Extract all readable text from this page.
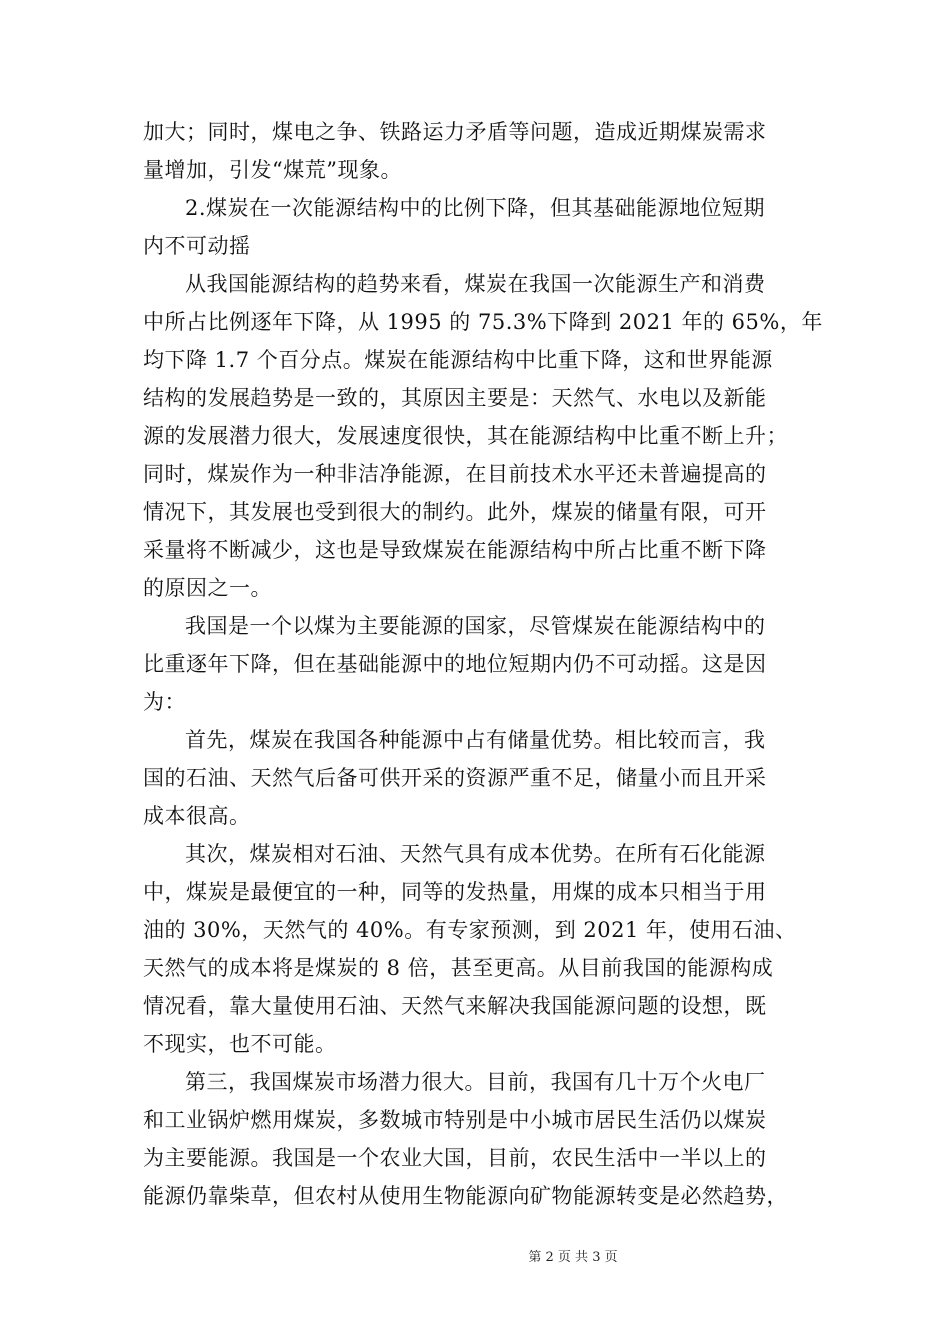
加大；同时，煤电之争、铁路运力矛盾等问题，造成近期煤炭需求
量增加，引发“煤荒”现象。
2.煤炭在一次能源结构中的比例下降，但其基础能源地位短期
内不可动摇
从我国能源结构的趋势来看，煤炭在我国一次能源生产和消费
中所占比例逐年下降，从 1995 的 75.3%下降到 2021 年的 65%，年
均下降 1.7 个百分点。煤炭在能源结构中比重下降，这和世界能源
结构的发展趋势是一致的，其原因主要是：天然气、水电以及新能
源的发展潜力很大，发展速度很快，其在能源结构中比重不断上升；
同时，煤炭作为一种非洁净能源，在目前技术水平还未普遍提高的
情况下，其发展也受到很大的制约。此外，煤炭的储量有限，可开
采量将不断减少，这也是导致煤炭在能源结构中所占比重不断下降
的原因之一。
我国是一个以煤为主要能源的国家，尽管煤炭在能源结构中的
比重逐年下降，但在基础能源中的地位短期内仍不可动摇。这是因
为：
首先，煤炭在我国各种能源中占有储量优势。相比较而言，我
国的石油、天然气后备可供开采的资源严重不足，储量小而且开采
成本很高。
其次，煤炭相对石油、天然气具有成本优势。在所有石化能源
中，煤炭是最便宜的一种，同等的发热量，用煤的成本只相当于用
油的 30%，天然气的 40%。有专家预测，到 2021 年，使用石油、
天然气的成本将是煤炭的 8 倍，甚至更高。从目前我国的能源构成
情况看，靠大量使用石油、天然气来解决我国能源问题的设想，既
不现实，也不可能。
第三，我国煤炭市场潜力很大。目前，我国有几十万个火电厂
和工业锅炉燃用煤炭，多数城市特别是中小城市居民生活仍以煤炭
为主要能源。我国是一个农业大国，目前，农民生活中一半以上的
能源仍靠柴草，但农村从使用生物能源向矿物能源转变是必然趋势，
第 2 页 共 3 页
